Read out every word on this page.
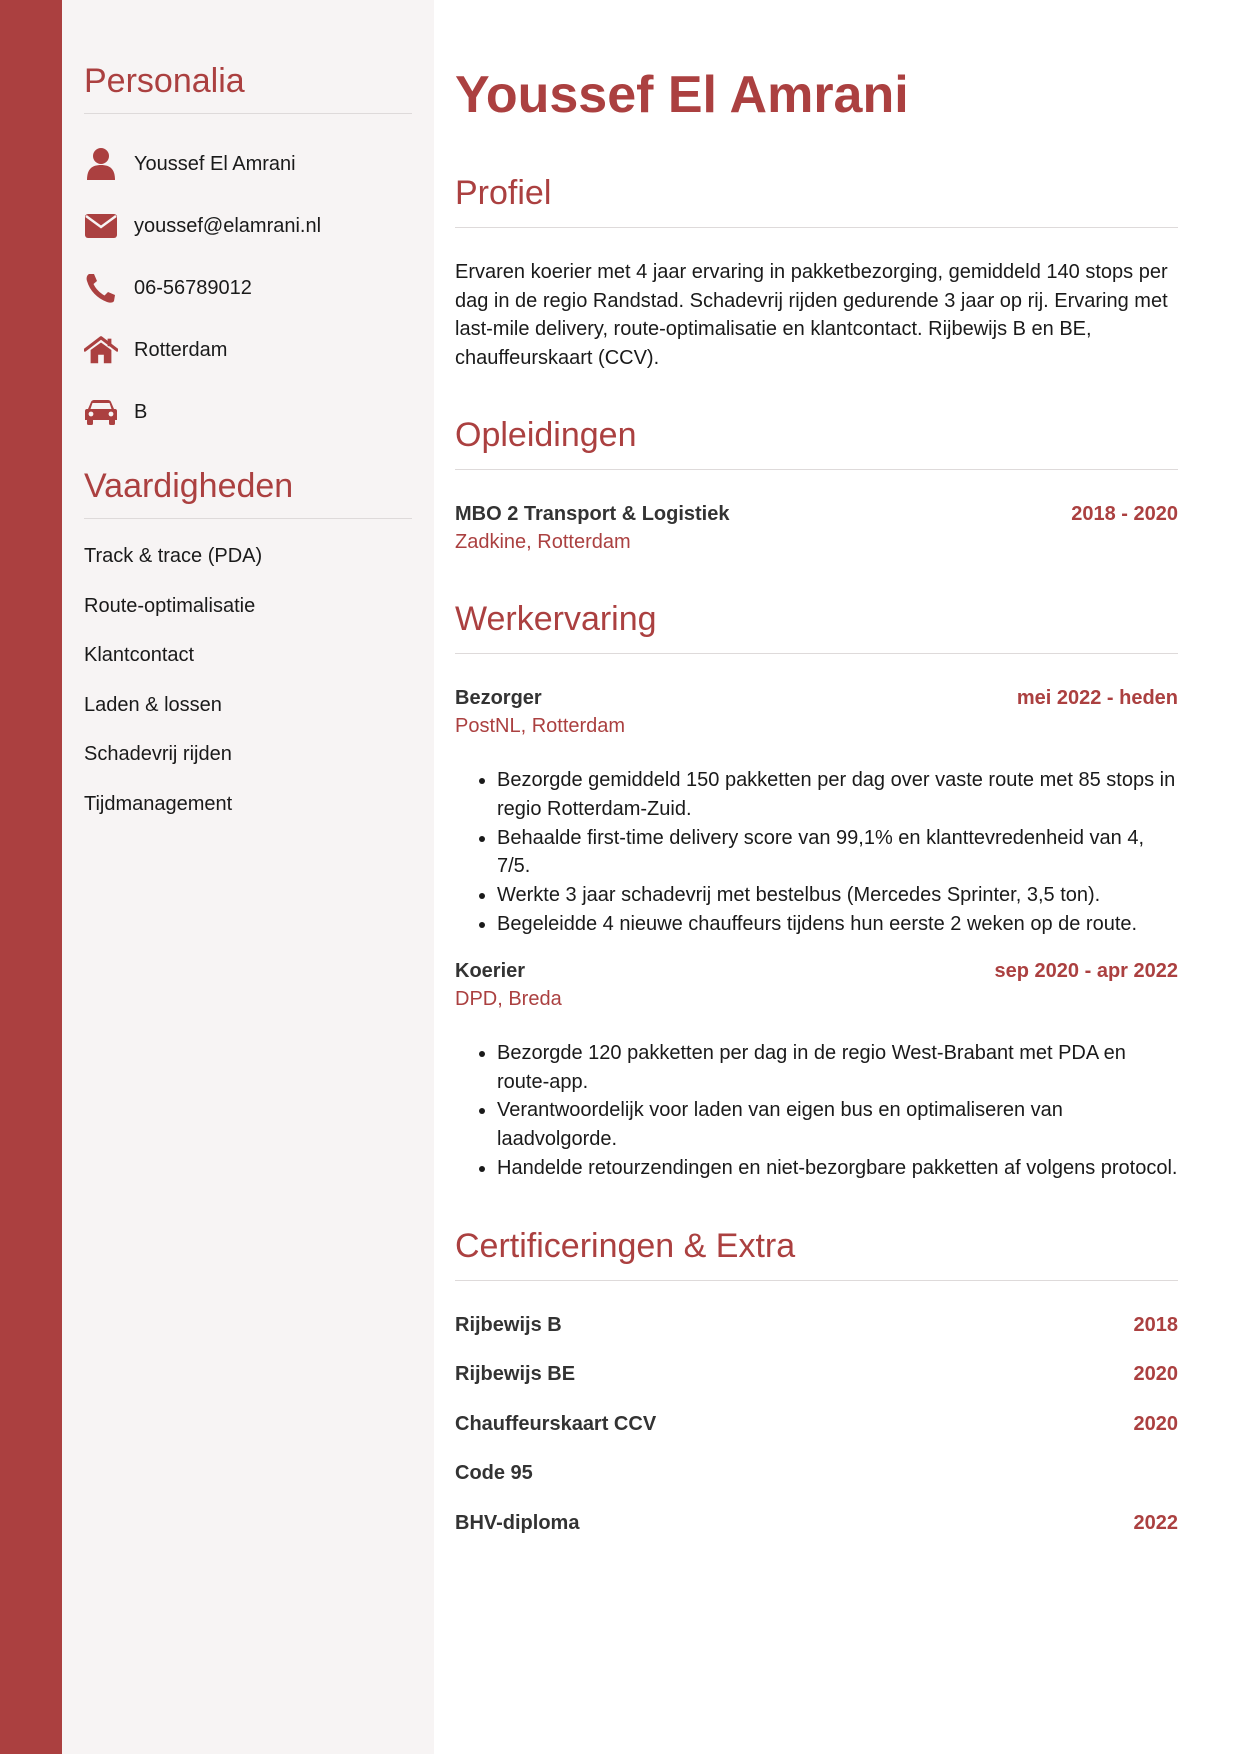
Personalia
Youssef El Amrani
youssef@elamrani.nl
06-56789012
Rotterdam
B
Vaardigheden
Track & trace (PDA)
Route-optimalisatie
Klantcontact
Laden & lossen
Schadevrij rijden
Tijdmanagement
Youssef El Amrani
Profiel
Ervaren koerier met 4 jaar ervaring in pakketbezorging, gemiddeld 140 stops per dag in de regio Randstad. Schadevrij rijden gedurende 3 jaar op rij. Ervaring met last-mile delivery, route-optimalisatie en klantcontact. Rijbewijs B en BE, chauffeurskaart (CCV).
Opleidingen
MBO 2 Transport & Logistiek	2018 - 2020
Zadkine, Rotterdam
Werkervaring
Bezorger	mei 2022 - heden
PostNL, Rotterdam
• Bezorgde gemiddeld 150 pakketten per dag over vaste route met 85 stops in regio Rotterdam-Zuid.
• Behaalde first-time delivery score van 99,1% en klanttevredenheid van 4, 7/5.
• Werkte 3 jaar schadevrij met bestelbus (Mercedes Sprinter, 3,5 ton).
• Begeleidde 4 nieuwe chauffeurs tijdens hun eerste 2 weken op de route.
Koerier	sep 2020 - apr 2022
DPD, Breda
• Bezorgde 120 pakketten per dag in de regio West-Brabant met PDA en route-app.
• Verantwoordelijk voor laden van eigen bus en optimaliseren van laadvolgorde.
• Handelde retourzendingen en niet-bezorgbare pakketten af volgens protocol.
Certificeringen & Extra
Rijbewijs B	2018
Rijbewijs BE	2020
Chauffeurskaart CCV	2020
Code 95
BHV-diploma	2022
